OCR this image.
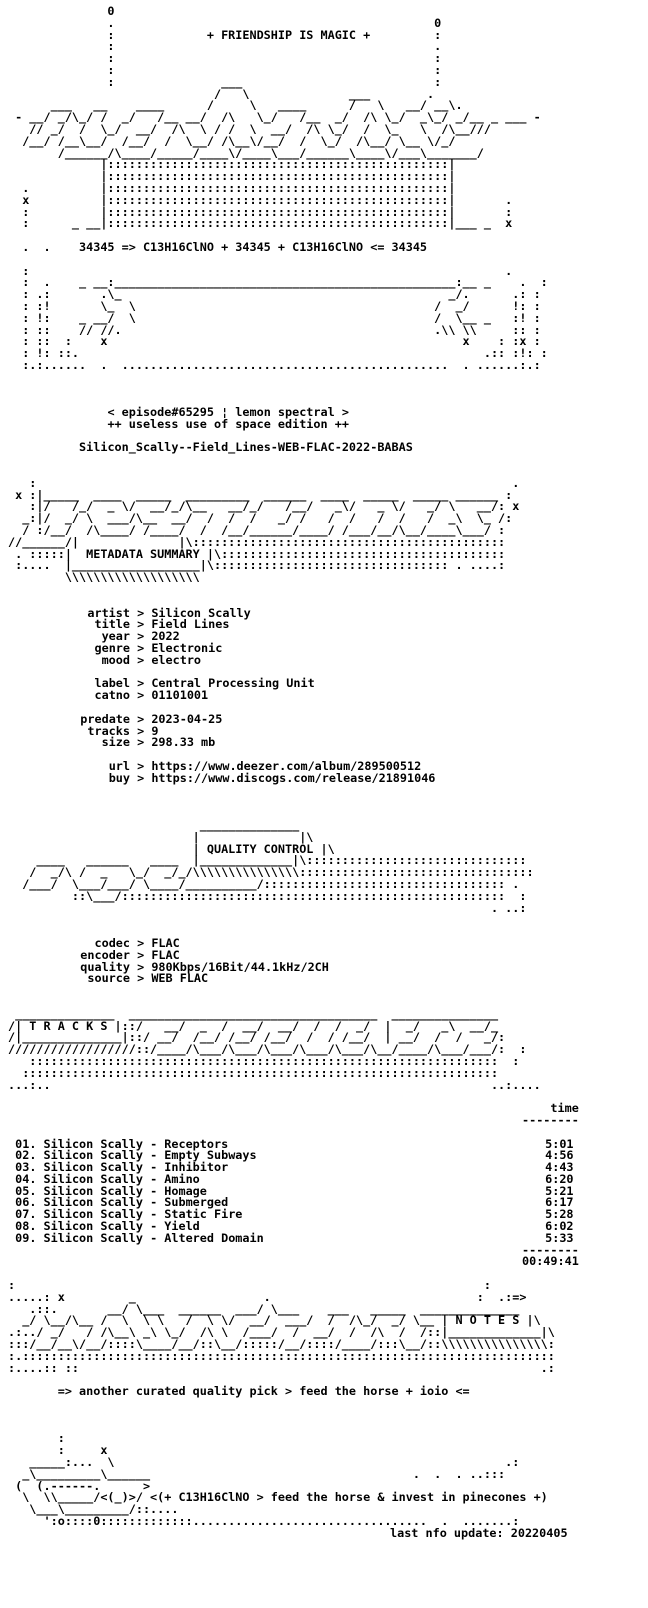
0
.                                             0
:             + FRIENDSHIP IS MAGIC +         :
:                                             .
:                                             :
:                                             :
:               ___                           :
/   \              ___        .
___   __    ____      /     \   ____      /   \   __/ __\.
- __/ _/\_/ /  _/   /__ __/  /\   \_/   /__  _/  /\ \_/  _\_/ _/__ _ ___ -
// _/  /  \_/  __/  /\  \ / /  \  __/  /\ \_/  /  \_   \  /\__///
/__/ /__\__/  /__/  /  \__/ /\__\/__/  /  \_/  /\__/ \__ \/_/
/______/\____/_____/____\/____\___/______\____\/___\_______/
|::::::::::::::::::::::::::::::::::::::::::::::::|
|::::::::::::::::::::::::::::::::::::::::::::::::|
.          |::::::::::::::::::::::::::::::::::::::::::::::::|
x          |::::::::::::::::::::::::::::::::::::::::::::::::|       .
:          |::::::::::::::::::::::::::::::::::::::::::::::::|       :
:      _ __|::::::::::::::::::::::::::::::::::::::::::::::::|___ _  x
.  .    34345 => C13H16ClNO + 34345 + C13H16ClNO <= 34345
:                                                                   .
:  .    _ __:________________________________________________:__ _    .  :
: .:       .\_                                              _/.      .: :
: :!       \_  \                                          /  _/      !: :
: !:    _ __/  \                                          /  \__ _   :! :
: ::    // //.                                            .\\ \\     :: :
: ::  :    x                                                  x    : :x :
: !: ::.                                                         .:: :!: :
:.:......  .  ..............................................  . ......:.:
< episode#65295 ¦ lemon spectral >
++ useless use of space edition ++
Silicon_Scally--Field_Lines-WEB-FLAC-2022-BABAS
:                                                                   .
x :|_____  ____  _____  _________  ______  ____  _____  _____ ______ :
:|/   /_/  _ \/  __/_/\__   __/_/   /__/   _\/   _ \/   _/ \   __/: x
_:|/  _/ \  ___/\__  __/  /  /  /   _/ /   /  /   /  /   /  _\  \_ /:
/ :/__/  /\____/ /____/  /  /__/______/____/ /___/__/\__/____\___/ :
//______/|              |\::::::::::::::::::::::::::::::::::::::::::::
. :::::|  METADATA SUMMARY |\::::::::::::::::::::::::::::::::::::::::
:....  |__________________|\::::::::::::::::::::::::::::::::: . ....:
\\\\\\\\\\\\\\\\\\\
artist > Silicon Scally
title > Field Lines
year > 2022
genre > Electronic
mood > electro

label > Central Processing Unit
catno > 01101001

predate > 2023-04-25
tracks > 9
size > 298.33 mb

url > https://www.deezer.com/album/289500512
buy > https://www.discogs.com/release/21891046
______________
|              |\
| QUALITY CONTROL |\
____   ______   ____  |_____________|\:::::::::::::::::::::::::::::::
/  _/\ /  _   \_/  _/_/\\\\\\\\\\\\\\\:::::::::::::::::::::::::::::::::
/___/  \___/___/ \____/__________/:::::::::::::::::::::::::::::::::: .
::\___/::::::::::::::::::::::::::::::::::::::::::::::::::::::  :
. ..:
codec > FLAC
encoder > FLAC
quality > 980Kbps/16Bit/44.1kHz/2CH
source > WEB FLAC
______________  ___________________________________  _______________
/| T R A C K S |::/   __/  _  /  __/  __/  /  /  _/  |  _/   _\  __/_
/|______________|::/ __/  /__/ /__/ /__/  /  / /__/  | __/  /  /   _/:
//////////////////::/____/\___/\___/\___/\___/\___/\__/____/\___/___/:  :
::::::::::::::::::::::::::::::::::::::::::::::::::::::::::::::::::  :
:::::::::::::::::::::::::::::::::::::::::::::::::::::::::::::::::::
...:..                                                              ..:....
time
--------
01. Silicon Scally - Receptors	5:01
02. Silicon Scally - Empty Subways	4:56
03. Silicon Scally - Inhibitor	4:43
04. Silicon Scally - Amino	6:20
05. Silicon Scally - Homage	5:21
06. Silicon Scally - Submerged	6:17
07. Silicon Scally - Static Fire	5:28
08. Silicon Scally - Yield	6:02
09. Silicon Scally - Altered Domain	5:33
--------
00:49:41
:                                                                  :
.....: x         _                  .                             :  .:=>
.::.       __/ \___  ______  ___/ \___    ___   _____  ______________
_/ \__/\__ /  \  \ \   /  \ \/  __/  ___/  /  /\_/  _/ \__ | N O T E S |\
.:../ _/   / /\__\ _\ \_/  /\ \  /___/  /  __/  /  /\  /  /::|_____________|\
:::/__/__\/__/::::\____/__/::\__/:::::/__/::::/____/:::\__/::\\\\\\\\\\\\\\\:
:.:::::::::::::::::::::::::::::::::::::::::::::::::::::::::::::::::::::::::::
:....:: ::                                                                 .:
=> another curated quality pick > feed the horse + ioio <=
:
:     x
_____:...  \                                                       .:
_\_________\______                                     .  .  . ..:::
(  (.------.      >
\  \\_____/<(_)>/ <(+ C13H16ClNO > feed the horse & invest in pinecones +)
\___\_________/::....
':o::::0:::::::::::::.................................  .  .......:
last nfo update: 20220405
